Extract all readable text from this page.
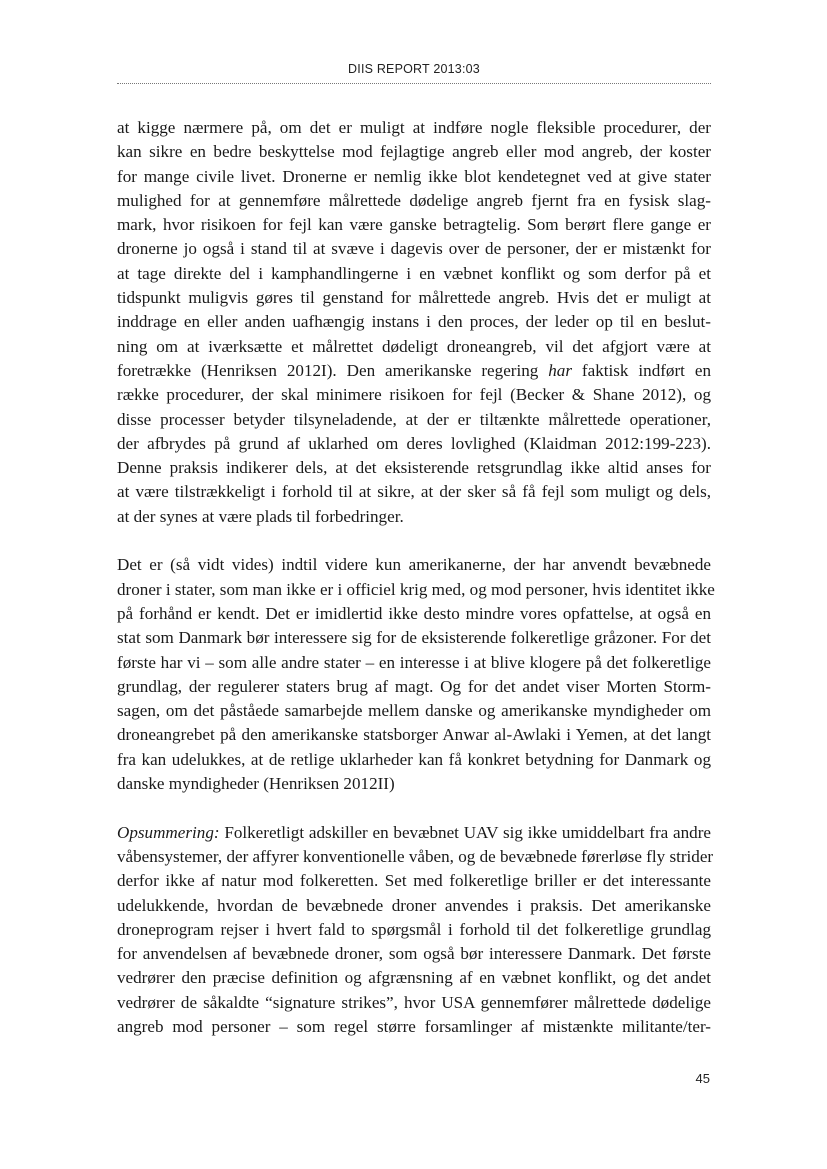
DIIS REPORT 2013:03

at kigge nærmere på, om det er muligt at indføre nogle fleksible procedurer, der
kan sikre en bedre beskyttelse mod fejlagtige angreb eller mod angreb, der koster
for mange civile livet. Dronerne er nemlig ikke blot kendetegnet ved at give stater
mulighed for at gennemføre målrettede dødelige angreb fjernt fra en fysisk slag-
mark, hvor risikoen for fejl kan være ganske betragtelig. Som berørt flere gange er
dronerne jo også i stand til at svæve i dagevis over de personer, der er mistænkt for
at tage direkte del i kamphandlingerne i en væbnet konflikt og som derfor på et
tidspunkt muligvis gøres til genstand for målrettede angreb. Hvis det er muligt at
inddrage en eller anden uafhængig instans i den proces, der leder op til en beslut-
ning om at iværksætte et målrettet dødeligt droneangreb, vil det afgjort være at
foretrække (Henriksen 2012I). Den amerikanske regering har faktisk indført en
række procedurer, der skal minimere risikoen for fejl (Becker & Shane 2012), og
disse processer betyder tilsyneladende, at der er tiltænkte målrettede operationer,
der afbrydes på grund af uklarhed om deres lovlighed (Klaidman 2012:199-223).
Denne praksis indikerer dels, at det eksisterende retsgrundlag ikke altid anses for
at være tilstrækkeligt i forhold til at sikre, at der sker så få fejl som muligt og dels,
at der synes at være plads til forbedringer.

Det er (så vidt vides) indtil videre kun amerikanerne, der har anvendt bevæbnede
droner i stater, som man ikke er i officiel krig med, og mod personer, hvis identitet ikke
på forhånd er kendt. Det er imidlertid ikke desto mindre vores opfattelse, at også en
stat som Danmark bør interessere sig for de eksisterende folkeretlige gråzoner. For det
første har vi – som alle andre stater – en interesse i at blive klogere på det folkeretlige
grundlag, der regulerer staters brug af magt. Og for det andet viser Morten Storm-
sagen, om det påståede samarbejde mellem danske og amerikanske myndigheder om
droneangrebet på den amerikanske statsborger Anwar al-Awlaki i Yemen, at det langt
fra kan udelukkes, at de retlige uklarheder kan få konkret betydning for Danmark og
danske myndigheder (Henriksen 2012II)

Opsummering: Folkeretligt adskiller en bevæbnet UAV sig ikke umiddelbart fra andre
våbensystemer, der affyrer konventionelle våben, og de bevæbnede førerløse fly strider
derfor ikke af natur mod folkeretten. Set med folkeretlige briller er det interessante
udelukkende, hvordan de bevæbnede droner anvendes i praksis. Det amerikanske
droneprogram rejser i hvert fald to spørgsmål i forhold til det folkeretlige grundlag
for anvendelsen af bevæbnede droner, som også bør interessere Danmark. Det første
vedrører den præcise definition og afgrænsning af en væbnet konflikt, og det andet
vedrører de såkaldte “signature strikes”, hvor USA gennemfører målrettede dødelige
angreb mod personer – som regel større forsamlinger af mistænkte militante/ter-

45
